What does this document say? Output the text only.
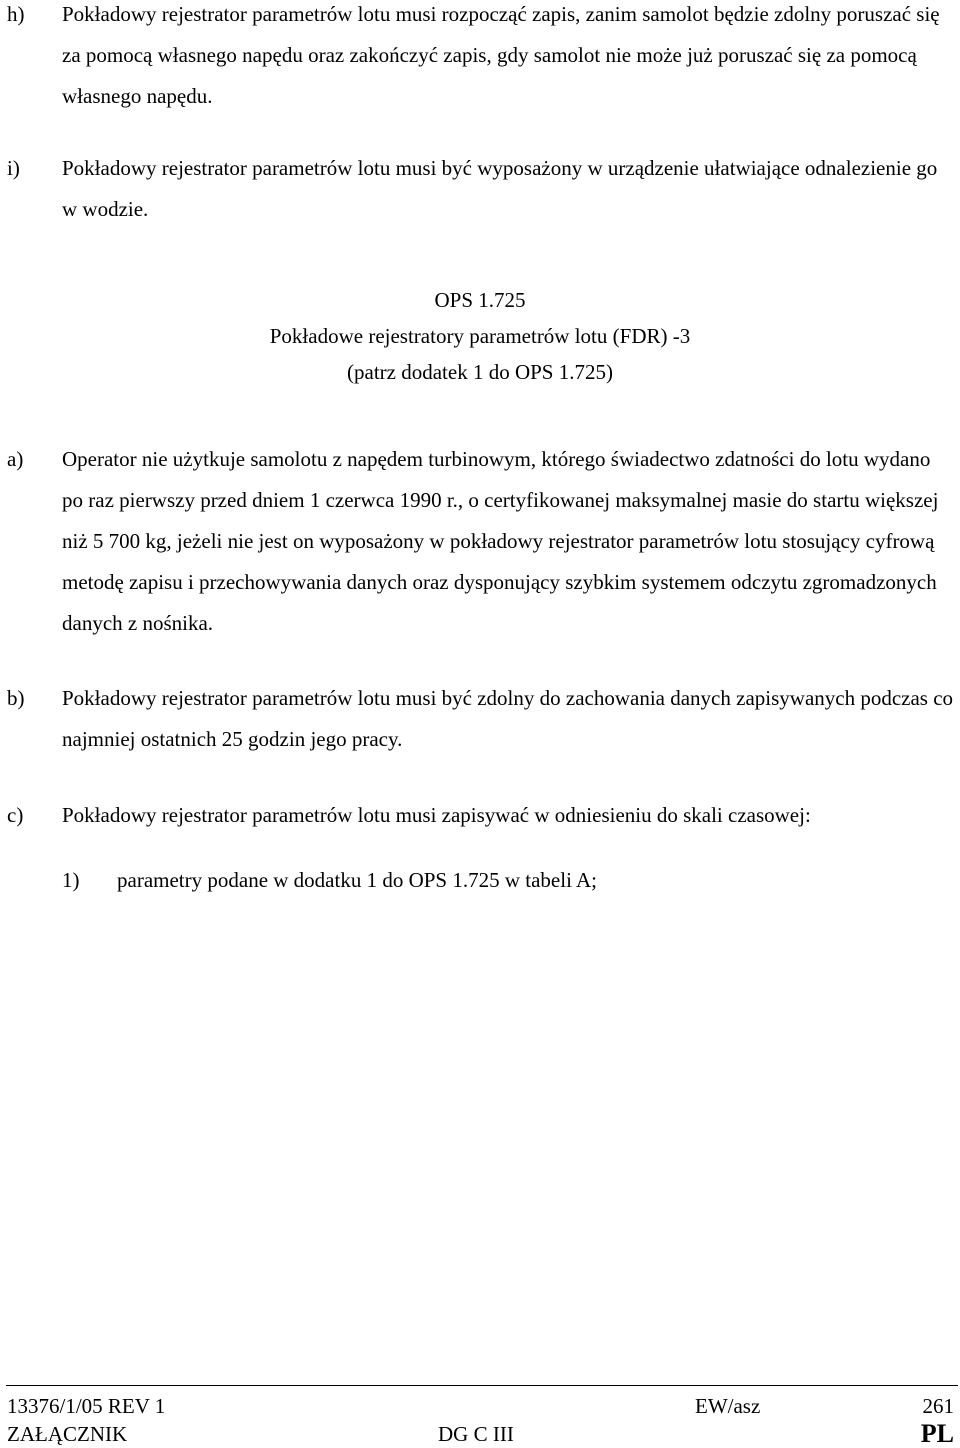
h) Pokładowy rejestrator parametrów lotu musi rozpocząć zapis, zanim samolot będzie zdolny poruszać się za pomocą własnego napędu oraz zakończyć zapis, gdy samolot nie może już poruszać się za pomocą własnego napędu.
i) Pokładowy rejestrator parametrów lotu musi być wyposażony w urządzenie ułatwiające odnalezienie go w wodzie.
OPS 1.725
Pokładowe rejestratory parametrów lotu (FDR) -3
(patrz dodatek 1 do OPS 1.725)
a) Operator nie użytkuje samolotu z napędem turbinowym, którego świadectwo zdatności do lotu wydano po raz pierwszy przed dniem 1 czerwca 1990 r., o certyfikowanej maksymalnej masie do startu większej niż 5 700 kg, jeżeli nie jest on wyposażony w pokładowy rejestrator parametrów lotu stosujący cyfrową metodę zapisu i przechowywania danych oraz dysponujący szybkim systemem odczytu zgromadzonych danych z nośnika.
b) Pokładowy rejestrator parametrów lotu musi być zdolny do zachowania danych zapisywanych podczas co najmniej ostatnich 25 godzin jego pracy.
c) Pokładowy rejestrator parametrów lotu musi zapisywać w odniesieniu do skali czasowej:
1) parametry podane w dodatku 1 do OPS 1.725 w tabeli A;
13376/1/05 REV 1
ZAŁĄCZNIK
EW/asz
DG C III
261
PL
